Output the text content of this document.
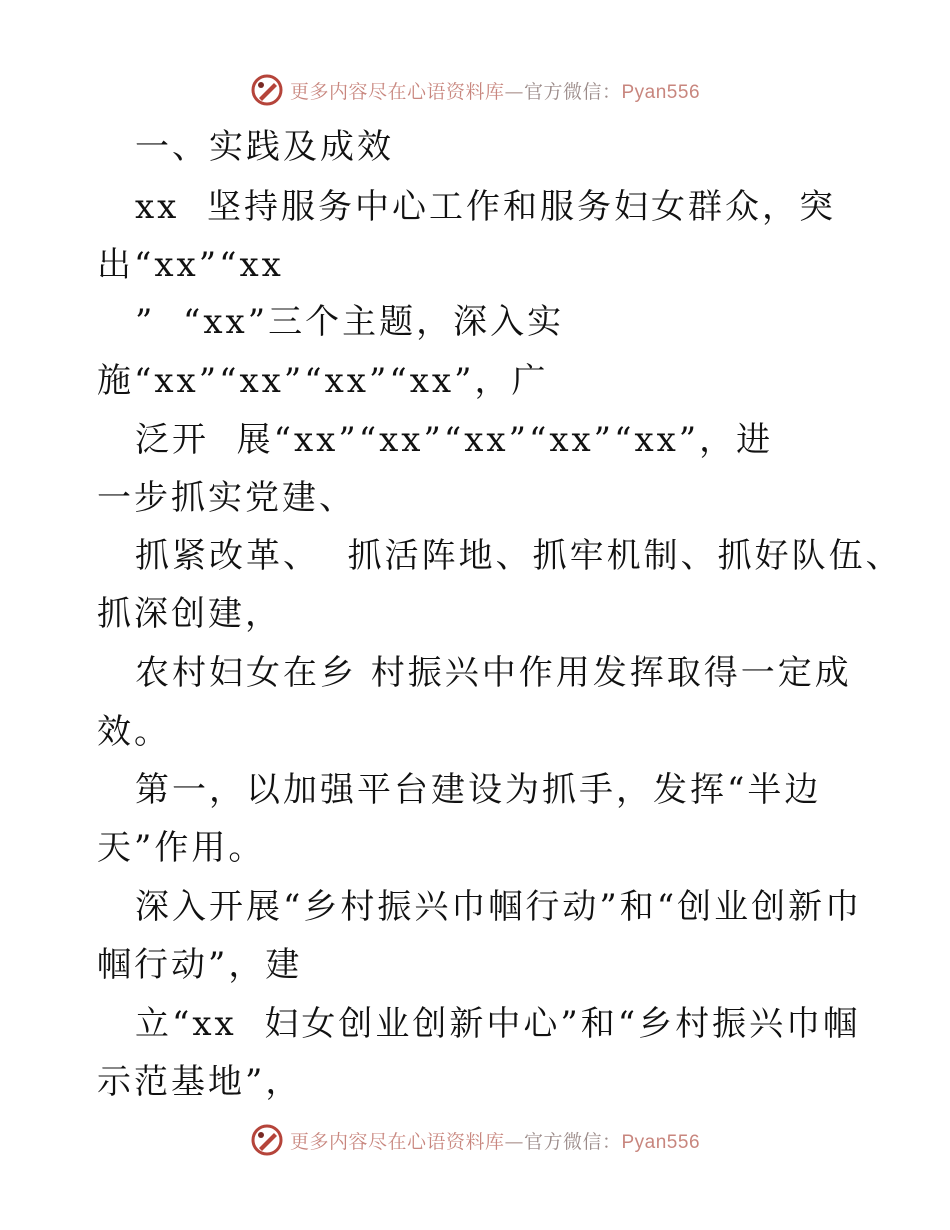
更多内容尽在心语资料库—官方微信：Pyan556
一、实践及成效
xx  坚持服务中心工作和服务妇女群众，突
出“xx”“xx
”  “xx”三个主题，深入实
施“xx”“xx”“xx”“xx”，广
泛开  展“xx”“xx”“xx”“xx”“xx”，进
一步抓实党建、
抓紧改革、  抓活阵地、抓牢机制、抓好队伍、
抓深创建，
农村妇女在乡 村振兴中作用发挥取得一定成
效。
第一，以加强平台建设为抓手，发挥“半边
天”作用。
深入开展“乡村振兴巾帼行动”和“创业创新巾
帼行动”，建
立“xx  妇女创业创新中心”和“乡村振兴巾帼
示范基地”，
更多内容尽在心语资料库—官方微信：Pyan556
